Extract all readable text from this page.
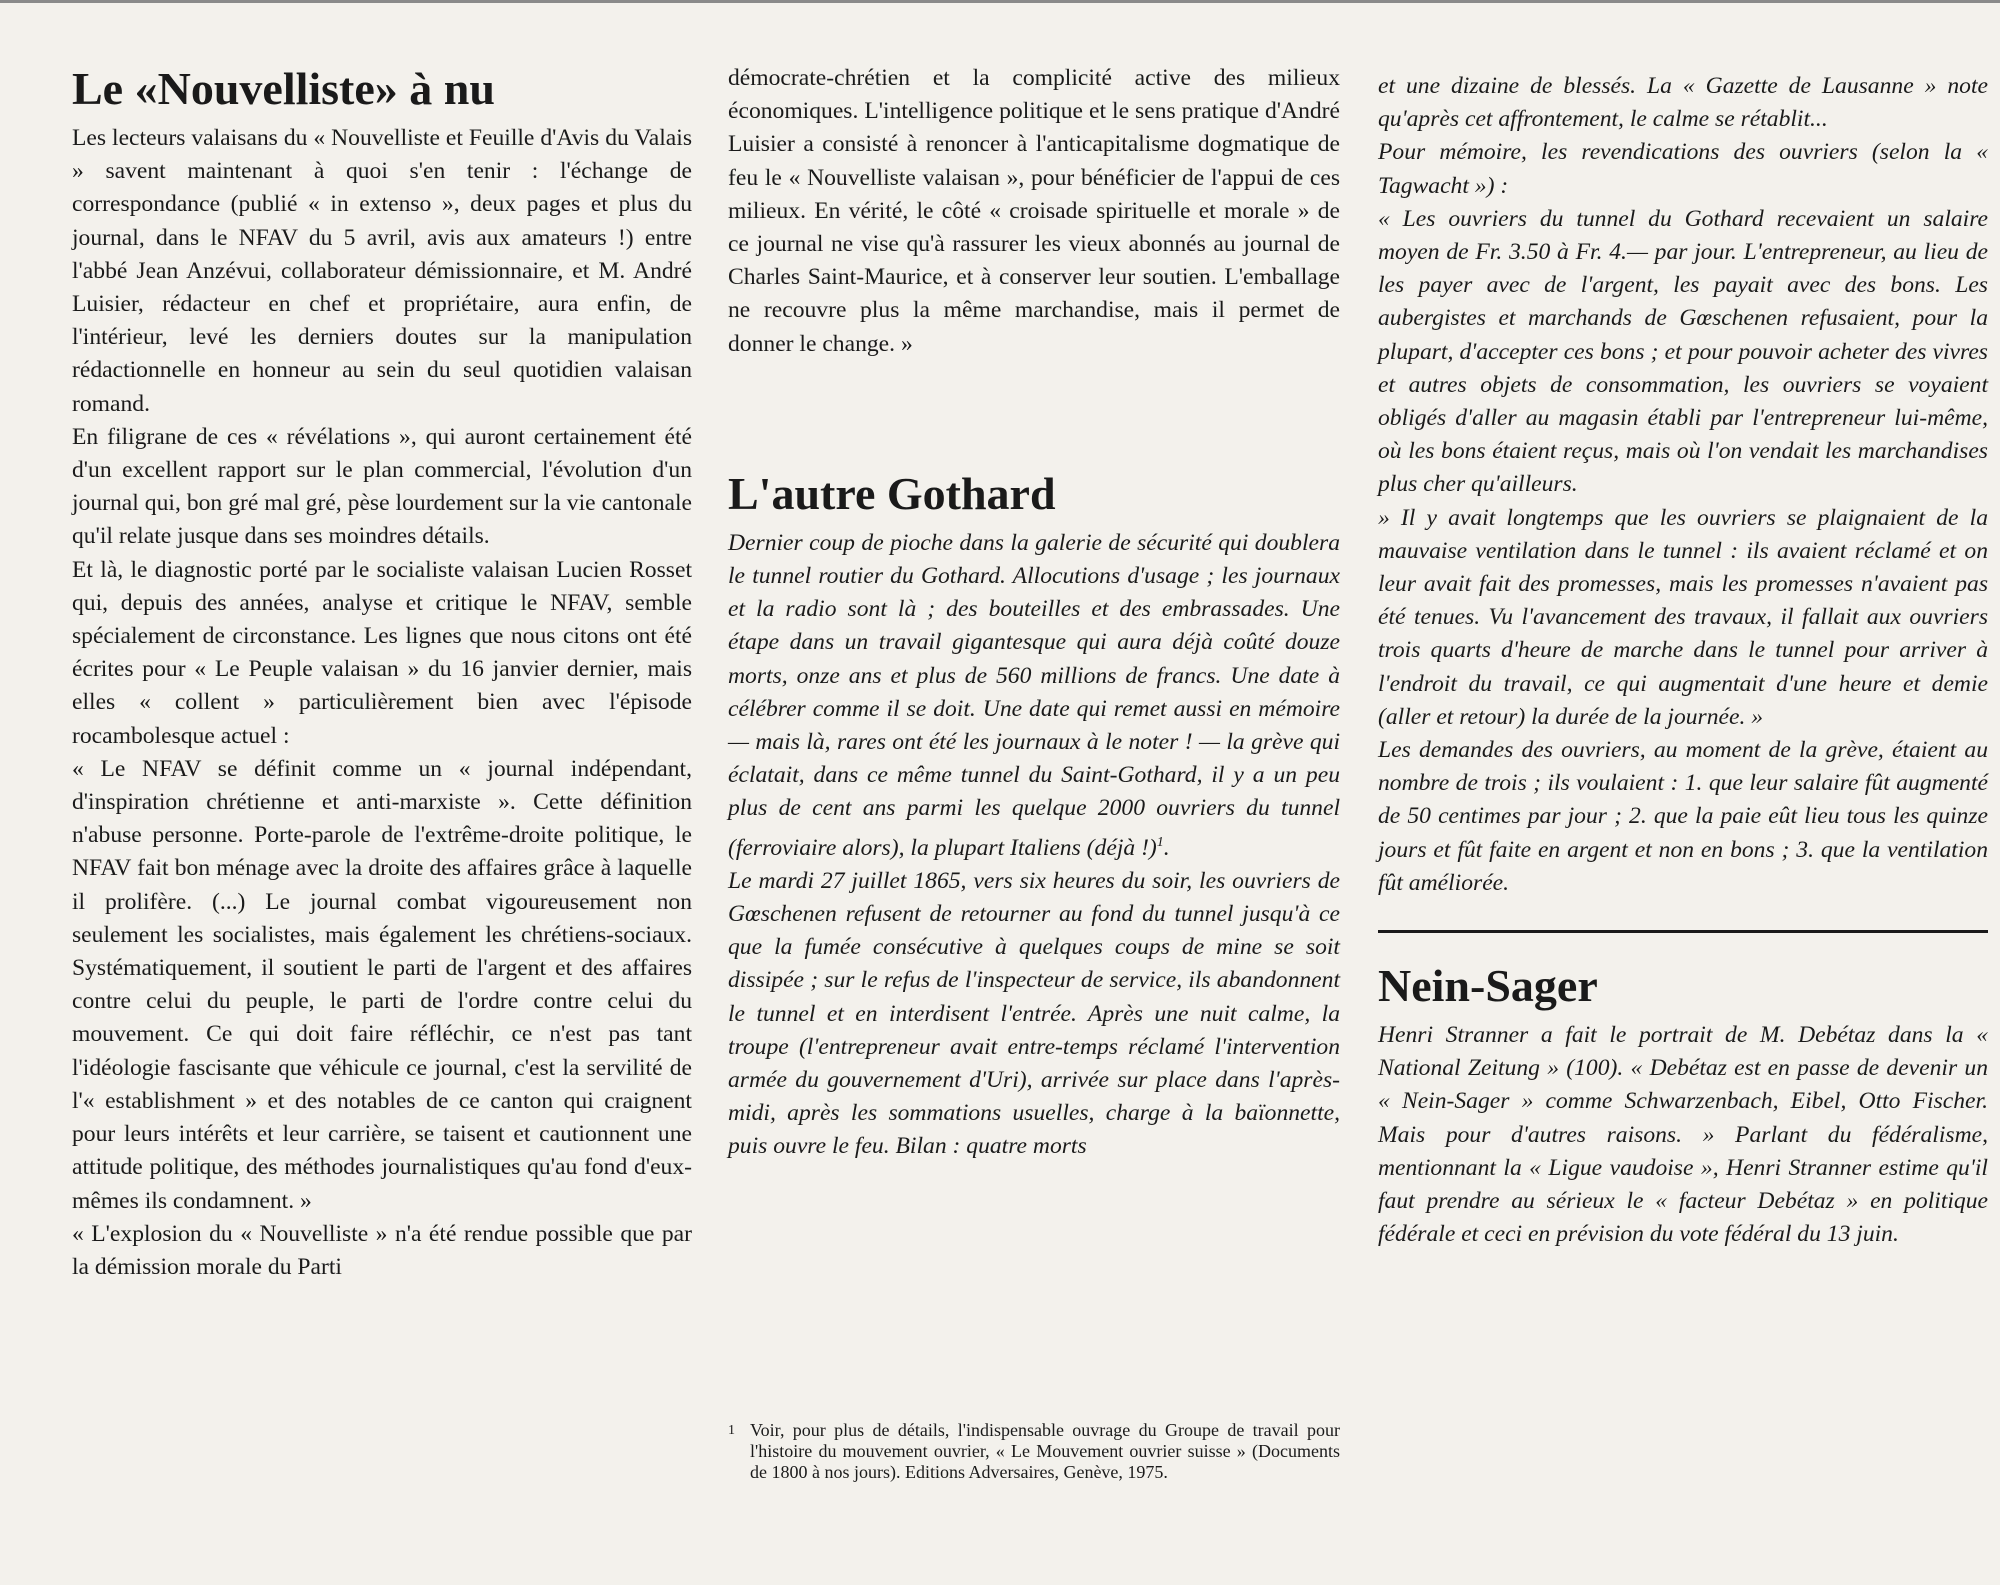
Le «Nouvelliste» à nu

Les lecteurs valaisans du « Nouvelliste et Feuille d'Avis du Valais » savent maintenant à quoi s'en tenir : l'échange de correspondance (publié « in extenso », deux pages et plus du journal, dans le NFAV du 5 avril, avis aux amateurs !) entre l'abbé Jean Anzévui, collaborateur démissionnaire, et M. André Luisier, rédacteur en chef et propriétaire, aura enfin, de l'intérieur, levé les derniers doutes sur la manipulation rédactionnelle en honneur au sein du seul quotidien valaisan romand.

En filigrane de ces « révélations », qui auront certainement été d'un excellent rapport sur le plan commercial, l'évolution d'un journal qui, bon gré mal gré, pèse lourdement sur la vie cantonale qu'il relate jusque dans ses moindres détails.

Et là, le diagnostic porté par le socialiste valaisan Lucien Rosset qui, depuis des années, analyse et critique le NFAV, semble spécialement de circonstance. Les lignes que nous citons ont été écrites pour « Le Peuple valaisan » du 16 janvier dernier, mais elles « collent » particulièrement bien avec l'épisode rocambolesque actuel :

« Le NFAV se définit comme un « journal indépendant, d'inspiration chrétienne et anti-marxiste ». Cette définition n'abuse personne. Porte-parole de l'extrême-droite politique, le NFAV fait bon ménage avec la droite des affaires grâce à laquelle il prolifère. (...) Le journal combat vigoureusement non seulement les socialistes, mais également les chrétiens-sociaux. Systématiquement, il soutient le parti de l'argent et des affaires contre celui du peuple, le parti de l'ordre contre celui du mouvement. Ce qui doit faire réfléchir, ce n'est pas tant l'idéologie fascisante que véhicule ce journal, c'est la servilité de l'« establishment » et des notables de ce canton qui craignent pour leurs intérêts et leur carrière, se taisent et cautionnent une attitude politique, des méthodes journalistiques qu'au fond d'eux-mêmes ils condamnent. »

« L'explosion du « Nouvelliste » n'a été rendue possible que par la démission morale du Parti

démocrate-chrétien et la complicité active des milieux économiques. L'intelligence politique et le sens pratique d'André Luisier a consisté à renoncer à l'anticapitalisme dogmatique de feu le « Nouvelliste valaisan », pour bénéficier de l'appui de ces milieux. En vérité, le côté « croisade spirituelle et morale » de ce journal ne vise qu'à rassurer les vieux abonnés au journal de Charles Saint-Maurice, et à conserver leur soutien. L'emballage ne recouvre plus la même marchandise, mais il permet de donner le change. »

L'autre Gothard

Dernier coup de pioche dans la galerie de sécurité qui doublera le tunnel routier du Gothard. Allocutions d'usage ; les journaux et la radio sont là ; des bouteilles et des embrassades. Une étape dans un travail gigantesque qui aura déjà coûté douze morts, onze ans et plus de 560 millions de francs. Une date à célébrer comme il se doit. Une date qui remet aussi en mémoire — mais là, rares ont été les journaux à le noter ! — la grève qui éclatait, dans ce même tunnel du Saint-Gothard, il y a un peu plus de cent ans parmi les quelque 2000 ouvriers du tunnel (ferroviaire alors), la plupart Italiens (déjà !)$^1$.

Le mardi 27 juillet 1865, vers six heures du soir, les ouvriers de Gœschenen refusent de retourner au fond du tunnel jusqu'à ce que la fumée consécutive à quelques coups de mine se soit dissipée ; sur le refus de l'inspecteur de service, ils abandonnent le tunnel et en interdisent l'entrée. Après une nuit calme, la troupe (l'entrepreneur avait entre-temps réclamé l'intervention armée du gouvernement d'Uri), arrivée sur place dans l'après-midi, après les sommations usuelles, charge à la baïonnette, puis ouvre le feu. Bilan : quatre morts

1 Voir, pour plus de détails, l'indispensable ouvrage du Groupe de travail pour l'histoire du mouvement ouvrier, « Le Mouvement ouvrier suisse » (Documents de 1800 à nos jours). Editions Adversaires, Genève, 1975.

et une dizaine de blessés. La « Gazette de Lausanne » note qu'après cet affrontement, le calme se rétablit...

Pour mémoire, les revendications des ouvriers (selon la « Tagwacht ») :

« Les ouvriers du tunnel du Gothard recevaient un salaire moyen de Fr. 3.50 à Fr. 4.— par jour. L'entrepreneur, au lieu de les payer avec de l'argent, les payait avec des bons. Les aubergistes et marchands de Gœschenen refusaient, pour la plupart, d'accepter ces bons ; et pour pouvoir acheter des vivres et autres objets de consommation, les ouvriers se voyaient obligés d'aller au magasin établi par l'entrepreneur lui-même, où les bons étaient reçus, mais où l'on vendait les marchandises plus cher qu'ailleurs.

» Il y avait longtemps que les ouvriers se plaignaient de la mauvaise ventilation dans le tunnel : ils avaient réclamé et on leur avait fait des promesses, mais les promesses n'avaient pas été tenues. Vu l'avancement des travaux, il fallait aux ouvriers trois quarts d'heure de marche dans le tunnel pour arriver à l'endroit du travail, ce qui augmentait d'une heure et demie (aller et retour) la durée de la journée. »

Les demandes des ouvriers, au moment de la grève, étaient au nombre de trois ; ils voulaient : 1. que leur salaire fût augmenté de 50 centimes par jour ; 2. que la paie eût lieu tous les quinze jours et fût faite en argent et non en bons ; 3. que la ventilation fût améliorée.

Nein-Sager

Henri Stranner a fait le portrait de M. Debétaz dans la « National Zeitung » (100). « Debétaz est en passe de devenir un « Nein-Sager » comme Schwarzenbach, Eibel, Otto Fischer. Mais pour d'autres raisons. » Parlant du fédéralisme, mentionnant la « Ligue vaudoise », Henri Stranner estime qu'il faut prendre au sérieux le « facteur Debétaz » en politique fédérale et ceci en prévision du vote fédéral du 13 juin.
